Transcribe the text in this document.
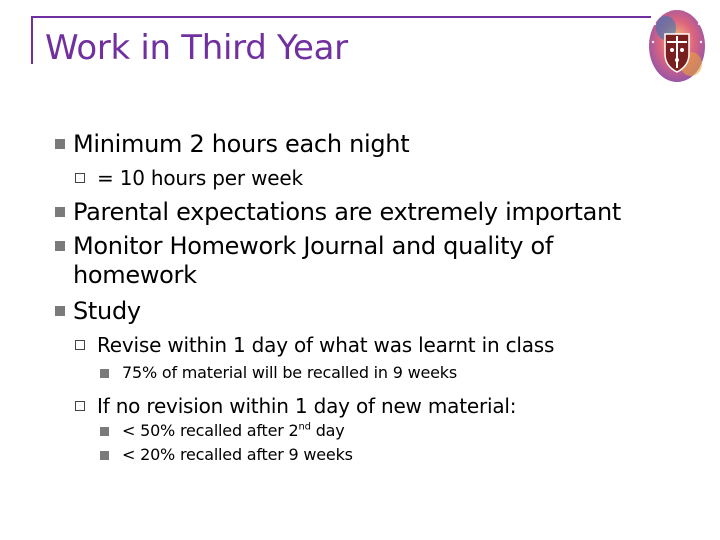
Work in Third Year
Minimum 2 hours each night
= 10 hours per week
Parental expectations are extremely important
Monitor Homework Journal and quality of
homework
Study
Revise within 1 day of what was learnt in class
75% of material will be recalled in 9 weeks
If no revision within 1 day of new material:
< 50% recalled after 2nd day
< 20% recalled after 9 weeks
